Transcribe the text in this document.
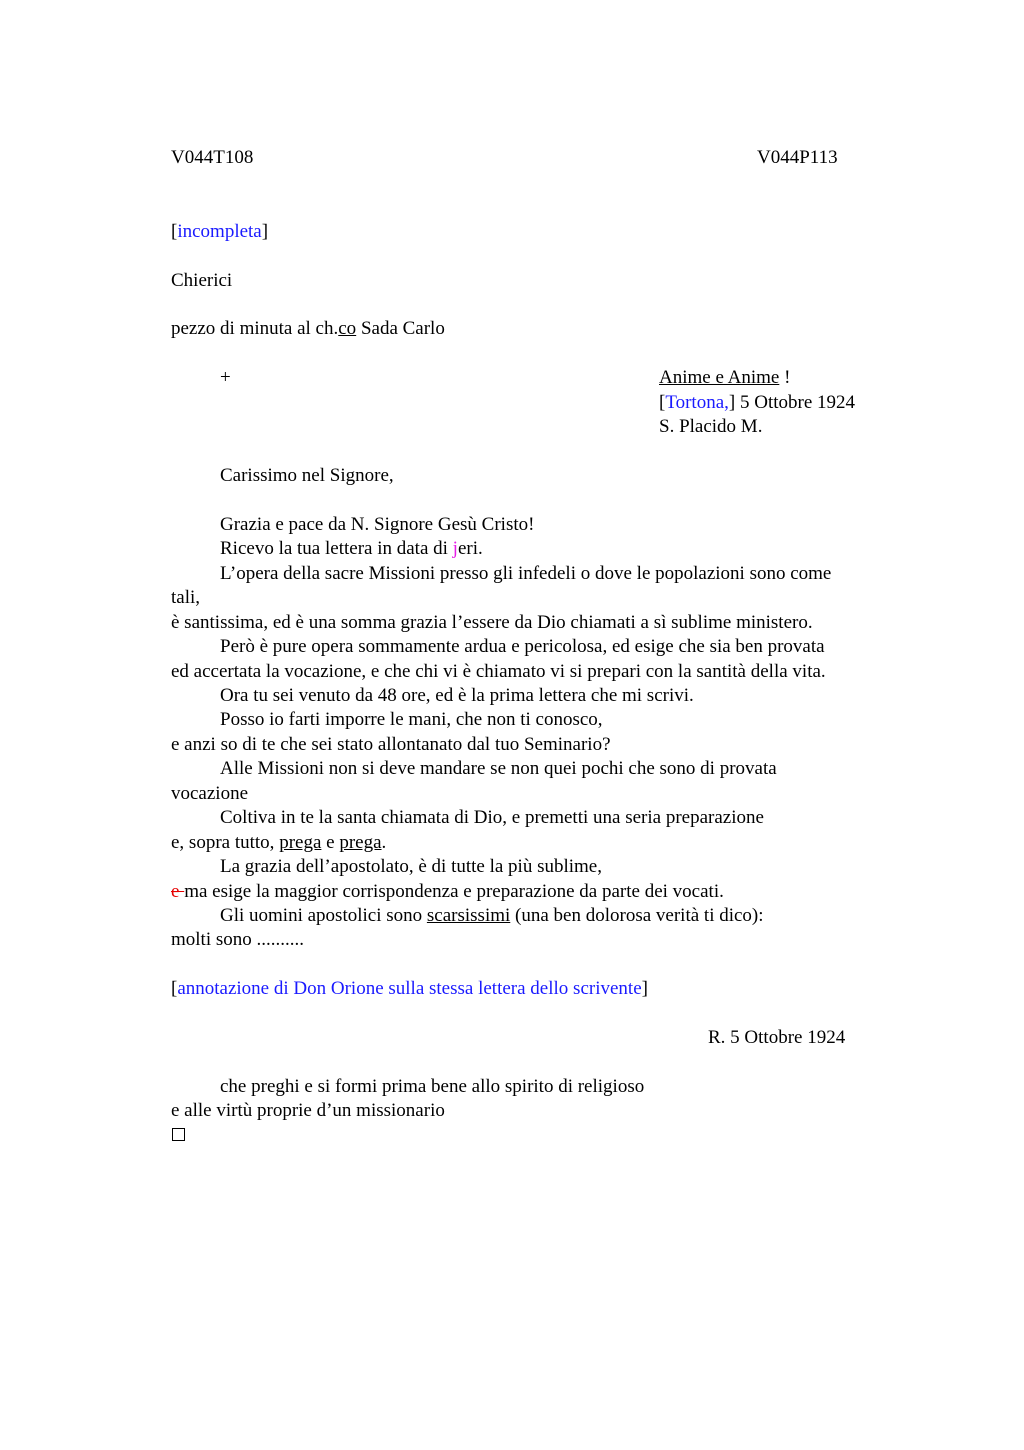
V044T108	V044P113
[incompleta]
Chierici
pezzo di minuta al ch.co Sada Carlo
+	Anime e Anime !
[Tortona,] 5 Ottobre 1924
S. Placido M.
Carissimo nel Signore,
Grazia e pace da N. Signore Gesù Cristo!
Ricevo la tua lettera in data di jeri.
L’opera della sacre Missioni presso gli infedeli o dove le popolazioni sono come
tali,
è santissima, ed è una somma grazia l’essere da Dio chiamati a sì sublime ministero.
Però è pure opera sommamente ardua e pericolosa, ed esige che sia ben provata
ed accertata la vocazione, e che chi vi è chiamato vi si prepari con la santità della vita.
Ora tu sei venuto da 48 ore, ed è la prima lettera che mi scrivi.
Posso io farti imporre le mani, che non ti conosco,
e anzi so di te che sei stato allontanato dal tuo Seminario?
Alle Missioni non si deve mandare se non quei pochi che sono di provata
vocazione
Coltiva in te la santa chiamata di Dio, e premetti una seria preparazione
e, sopra tutto, prega e prega.
La grazia dell’apostolato, è di tutte la più sublime,
e ma esige la maggior corrispondenza e preparazione da parte dei vocati.
Gli uomini apostolici sono scarsissimi (una ben dolorosa verità ti dico):
molti sono ..........
[annotazione di Don Orione sulla stessa lettera dello scrivente]
R. 5 Ottobre 1924
che preghi e si formi prima bene allo spirito di religioso
e alle virtù proprie d’un missionario
